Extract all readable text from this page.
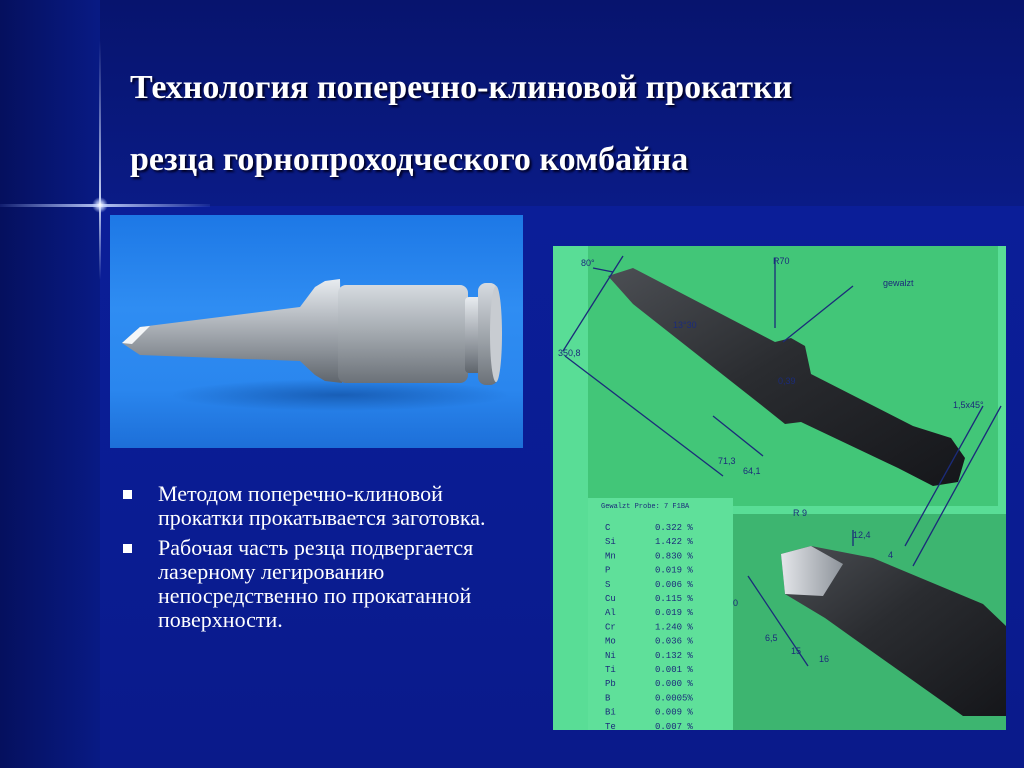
Технология поперечно-клиновой прокатки
резца горнопроходческого комбайна
80°	R70
gewalzt
13°30
0,39
350,8
71,3
64,1
12,4
4
1,5x45°
R 9
6,5
15
16
0
Gewalzt Probe: 7 F1BA
C	0.322 %
Si	1.422 %
Mn	0.830 %
P	0.019 %
S	0.006 %
Cu	0.115 %
Al	0.019 %
Cr	1.240 %
Mo	0.036 %
Ni	0.132 %
Ti	0.001 %
Pb	0.000 %
B	0.0005%
Bi	0.009 %
Te	0.007 %
Методом поперечно-клиновой прокатки прокатывается заготовка.
Рабочая часть резца подвергается лазерному легированию непосредственно по прокатанной поверхности.
